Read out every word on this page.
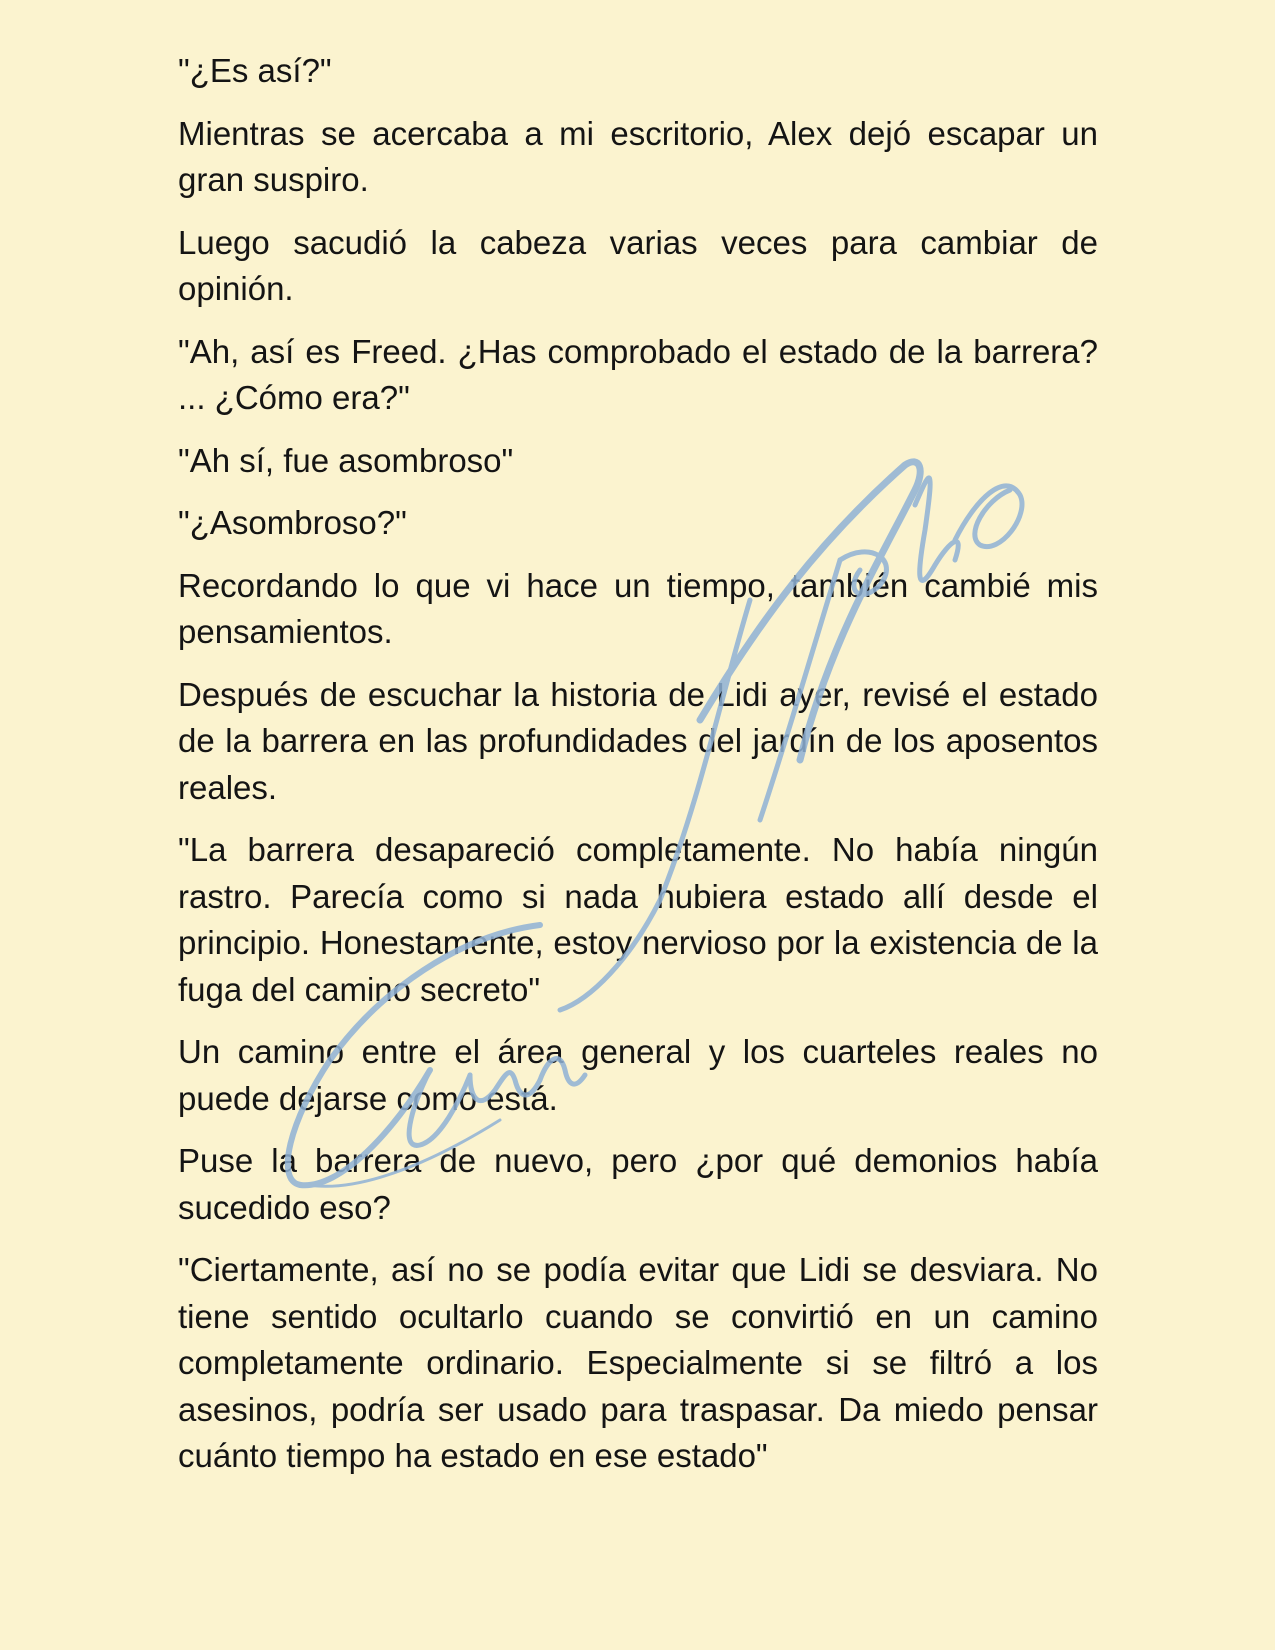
"¿Es así?"

Mientras se acercaba a mi escritorio, Alex dejó escapar un gran suspiro.

Luego sacudió la cabeza varias veces para cambiar de opinión.

"Ah, así es Freed. ¿Has comprobado el estado de la barrera? ... ¿Cómo era?"

"Ah sí, fue asombroso"

"¿Asombroso?"

Recordando lo que vi hace un tiempo, también cambié mis pensamientos.

Después de escuchar la historia de Lidi ayer, revisé el estado de la barrera en las profundidades del jardín de los aposentos reales.

"La barrera desapareció completamente. No había ningún rastro. Parecía como si nada hubiera estado allí desde el principio. Honestamente, estoy nervioso por la existencia de la fuga del camino secreto"

Un camino entre el área general y los cuarteles reales no puede dejarse como está.

Puse la barrera de nuevo, pero ¿por qué demonios había sucedido eso?

"Ciertamente, así no se podía evitar que Lidi se desviara. No tiene sentido ocultarlo cuando se convirtió en un camino completamente ordinario. Especialmente si se filtró a los asesinos, podría ser usado para traspasar. Da miedo pensar cuánto tiempo ha estado en ese estado"
